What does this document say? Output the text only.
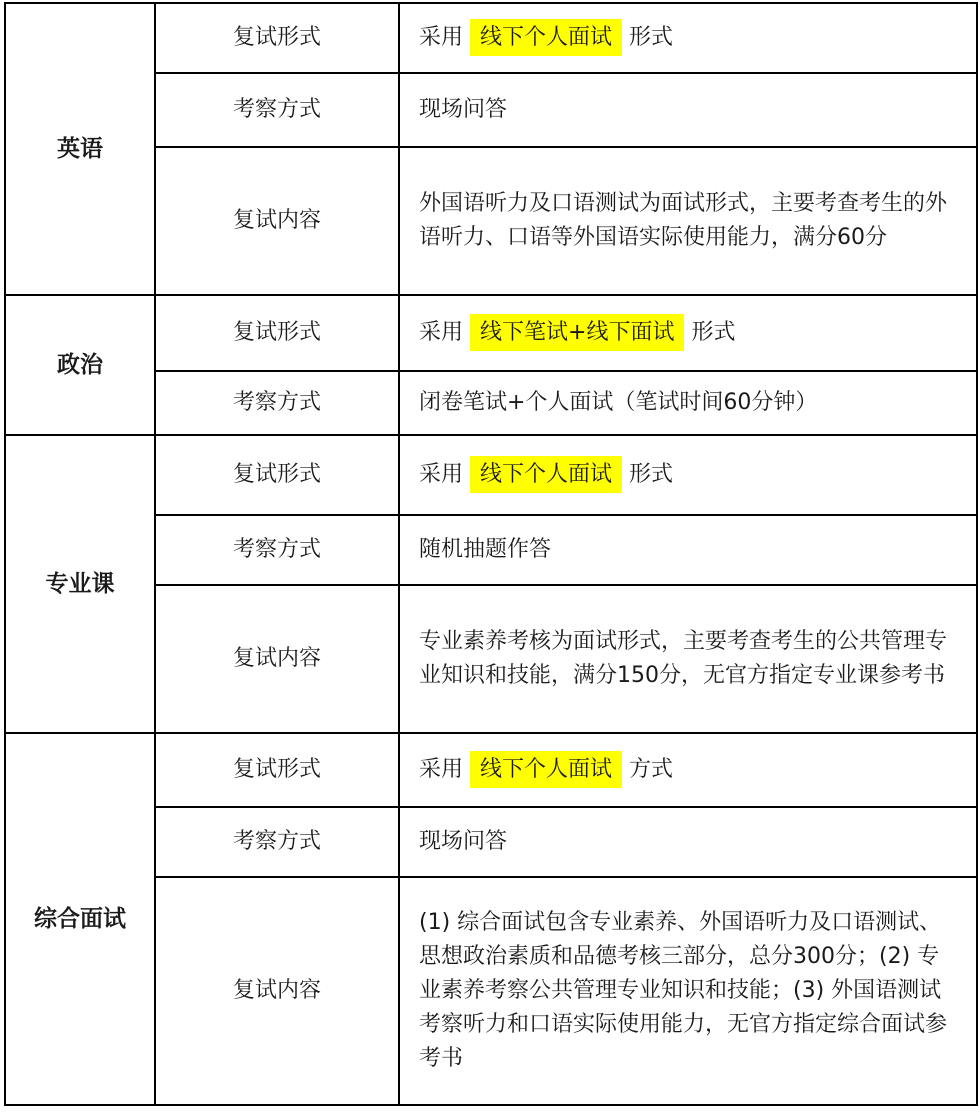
英语	复试形式	采用 线下个人面试 形式
	考察方式	现场问答
	复试内容	外国语听力及口语测试为面试形式，主要考查考生的外语听力、口语等外国语实际使用能力，满分60分
政治	复试形式	采用 线下笔试+线下面试 形式
	考察方式	闭卷笔试+个人面试（笔试时间60分钟）
专业课	复试形式	采用 线下个人面试 形式
	考察方式	随机抽题作答
	复试内容	专业素养考核为面试形式，主要考查考生的公共管理专业知识和技能，满分150分，无官方指定专业课参考书
综合面试	复试形式	采用 线下个人面试 方式
	考察方式	现场问答
	复试内容	(1) 综合面试包含专业素养、外国语听力及口语测试、思想政治素质和品德考核三部分，总分300分；(2) 专业素养考察公共管理专业知识和技能；(3) 外国语测试考察听力和口语实际使用能力，无官方指定综合面试参考书
